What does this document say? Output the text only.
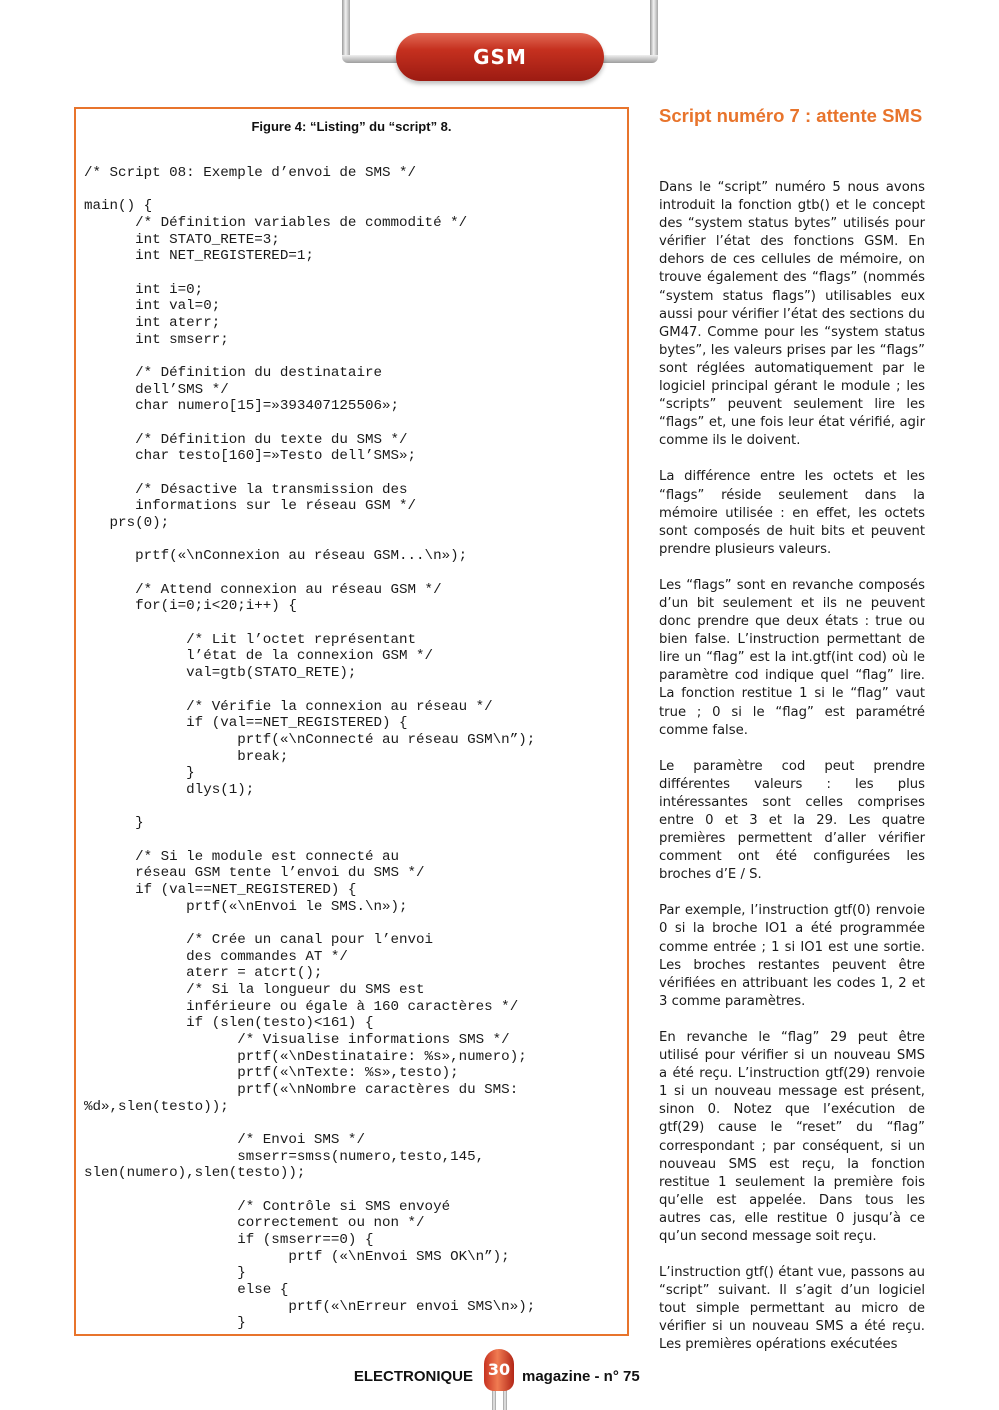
GSM
Figure 4: “Listing” du “script” 8.
/* Script 08: Exemple d’envoi de SMS */

main() {
/* Définition variables de commodité */
int STATO_RETE=3;
int NET_REGISTERED=1;

int i=0;
int val=0;
int aterr;
int smserr;

/* Définition du destinataire
dell’SMS */
char numero[15]=»393407125506»;

/* Définition du texte du SMS */
char testo[160]=»Testo dell’SMS»;

/* Désactive la transmission des
informations sur le réseau GSM */
prs(0);

prtf(«\nConnexion au réseau GSM...\n»);

/* Attend connexion au réseau GSM */
for(i=0;i<20;i++) {

/* Lit l’octet représentant
l’état de la connexion GSM */
val=gtb(STATO_RETE);

/* Vérifie la connexion au réseau */
if (val==NET_REGISTERED) {
prtf(«\nConnecté au réseau GSM\n”);
break;
}
dlys(1);

}

/* Si le module est connecté au
réseau GSM tente l’envoi du SMS */
if (val==NET_REGISTERED) {
prtf(«\nEnvoi le SMS.\n»);

/* Crée un canal pour l’envoi
des commandes AT */
aterr = atcrt();
/* Si la longueur du SMS est
inférieure ou égale à 160 caractères */
if (slen(testo)<161) {
/* Visualise informations SMS */
prtf(«\nDestinataire: %s»,numero);
prtf(«\nTexte: %s»,testo);
prtf(«\nNombre caractères du SMS:
%d»,slen(testo));

/* Envoi SMS */
smserr=smss(numero,testo,145,
slen(numero),slen(testo));

/* Contrôle si SMS envoyé
correctement ou non */
if (smserr==0) {
prtf («\nEnvoi SMS OK\n”);
}
else {
prtf(«\nErreur envoi SMS\n»);
}
Script numéro 7 : attente SMS

Dans le “script” numéro 5 nous avons introduit la fonction gtb() et le concept des “system status bytes” utilisés pour vérifier l’état des fonctions GSM. En dehors de ces cellules de mémoire, on trouve également des “flags” (nommés “system status flags”) utilisables eux aussi pour vérifier l’état des sections du GM47. Comme pour les “system status bytes”, les valeurs prises par les “flags” sont réglées automatiquement par le logiciel principal gérant le module ; les “scripts” peuvent seulement lire les “flags” et, une fois leur état vérifié, agir comme ils le doivent.

La différence entre les octets et les “flags” réside seulement dans la mémoire utilisée : en effet, les octets sont composés de huit bits et peuvent prendre plusieurs valeurs.

Les “flags” sont en revanche composés d’un bit seulement et ils ne peuvent donc prendre que deux états : true ou bien false. L’instruction permettant de lire un “flag” est la int.gtf(int cod) où le paramètre cod indique quel “flag” lire. La fonction restitue 1 si le “flag” vaut true ; 0 si le “flag” est paramétré comme false.

Le paramètre cod peut prendre différentes valeurs : les plus intéressantes sont celles comprises entre 0 et 3 et la 29. Les quatre premières permettent d’aller vérifier comment ont été configurées les broches d’E / S.

Par exemple, l’instruction gtf(0) renvoie 0 si la broche IO1 a été programmée comme entrée ; 1 si IO1 est une sortie. Les broches restantes peuvent être vérifiées en attribuant les codes 1, 2 et 3 comme paramètres.

En revanche le “flag” 29 peut être utilisé pour vérifier si un nouveau SMS a été reçu. L’instruction gtf(29) renvoie 1 si un nouveau message est présent, sinon 0. Notez que l’exécution de gtf(29) cause le “reset” du “flag” correspondant ; par conséquent, si un nouveau SMS est reçu, la fonction restitue 1 seulement la première fois qu’elle est appelée. Dans tous les autres cas, elle restitue 0 jusqu’à ce qu’un second message soit reçu.

L’instruction gtf() étant vue, passons au “script” suivant. Il s’agit d’un logiciel tout simple permettant au micro de vérifier si un nouveau SMS a été reçu. Les premières opérations exécutées

ELECTRONIQUE 30 magazine - n° 75
